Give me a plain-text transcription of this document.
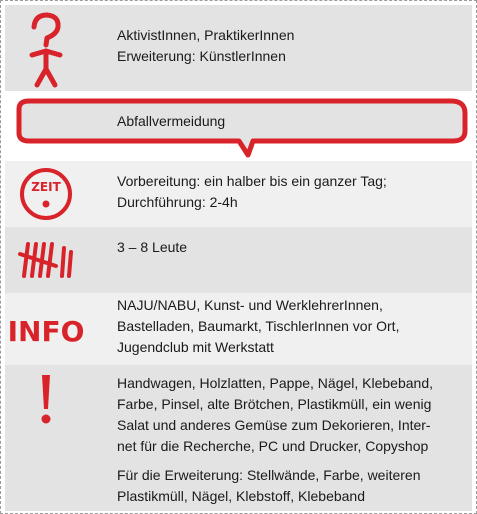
AktivistInnen, PraktikerInnen

Erweiterung: KünstlerInnen

Abfallvermeidung
ZEIT	Vorbereitung: ein halber bis ein ganzer Tag;

Durchführung: 2-4h

3 – 8 Leute
INFO

NAJU/NABU, Kunst- und WerklehrerInnen,

Bastelladen, Baumarkt, TischlerInnen vor Ort,

Jugendclub mit Werkstatt

Handwagen, Holzlatten, Pappe, Nägel, Klebeband,

Farbe, Pinsel, alte Brötchen, Plastikmüll, ein wenig

Salat und anderes Gemüse zum Dekorieren, Inter-

net für die Recherche, PC und Drucker, Copyshop

Für die Erweiterung: Stellwände, Farbe, weiteren

Plastikmüll, Nägel, Klebstoff, Klebeband
